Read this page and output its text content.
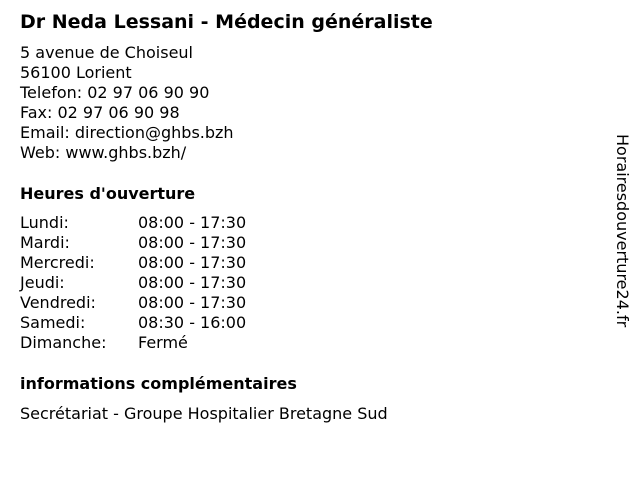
Dr Neda Lessani - Médecin généraliste
5 avenue de Choiseul
56100 Lorient
Telefon: 02 97 06 90 90
Fax: 02 97 06 90 98
Email: direction@ghbs.bzh
Web: www.ghbs.bzh/
Heures d'ouverture
Lundi:	08:00 - 17:30
Mardi:	08:00 - 17:30
Mercredi:	08:00 - 17:30
Jeudi:	08:00 - 17:30
Vendredi:	08:00 - 17:30
Samedi:	08:30 - 16:00
Dimanche:	Fermé
informations complémentaires
Secrétariat - Groupe Hospitalier Bretagne Sud
Horairesdouverture24.fr
